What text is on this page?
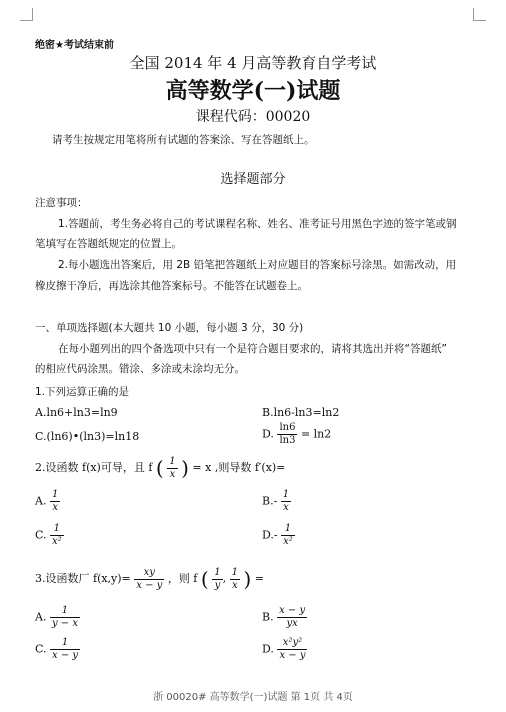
绝密★考试结束前
全国 2014 年 4 月高等教育自学考试
高等数学(一)试题
课程代码：00020
请考生按规定用笔将所有试题的答案涂、写在答题纸上。
选择题部分
注意事项：
1.答题前，考生务必将自己的考试课程名称、姓名、准考证号用黑色字迹的签字笔或钢
笔填写在答题纸规定的位置上。
2.每小题选出答案后，用 2B 铅笔把答题纸上对应题目的答案标号涂黑。如需改动，用
橡皮擦干净后，再选涂其他答案标号。不能答在试题卷上。
一、单项选择题(本大题共 10 小题，每小题 3 分，30 分)
在每小题列出的四个备选项中只有一个是符合题目要求的，请将其选出并将“答题纸”
的相应代码涂黑。错涂、多涂或未涂均无分。
1.下列运算正确的是
A.ln6+ln3=ln9	B.ln6-ln3=ln2
C.(ln6)•(ln3)=ln18	D. $\frac{\ln 6}{\ln 3} = \ln 2$
2.设函数 f(x)可导，且 f ( $\frac{1}{x}$ ) = x ,则导数 f′(x)=
A. $\frac{1}{x}$	$B.- \frac{1}{x}$
C. $\frac{1}{\text{x²}}$	$D.- \frac{1}{\text{x²}}$
3.设函数厂 $f(x,y)= \frac{xy}{x - y}$ ，则 f ( $\frac{1}{y}$ , $\frac{1}{x}$ ) =
A. $\frac{1}{y - x}$	B. $\frac{x - y}{yx}$
C. $\frac{1}{x - y}$	D. $\frac{\text{x²y²}}{x - y}$
浙 00020# 高等数学(一)试题 第 1页 共 4页
